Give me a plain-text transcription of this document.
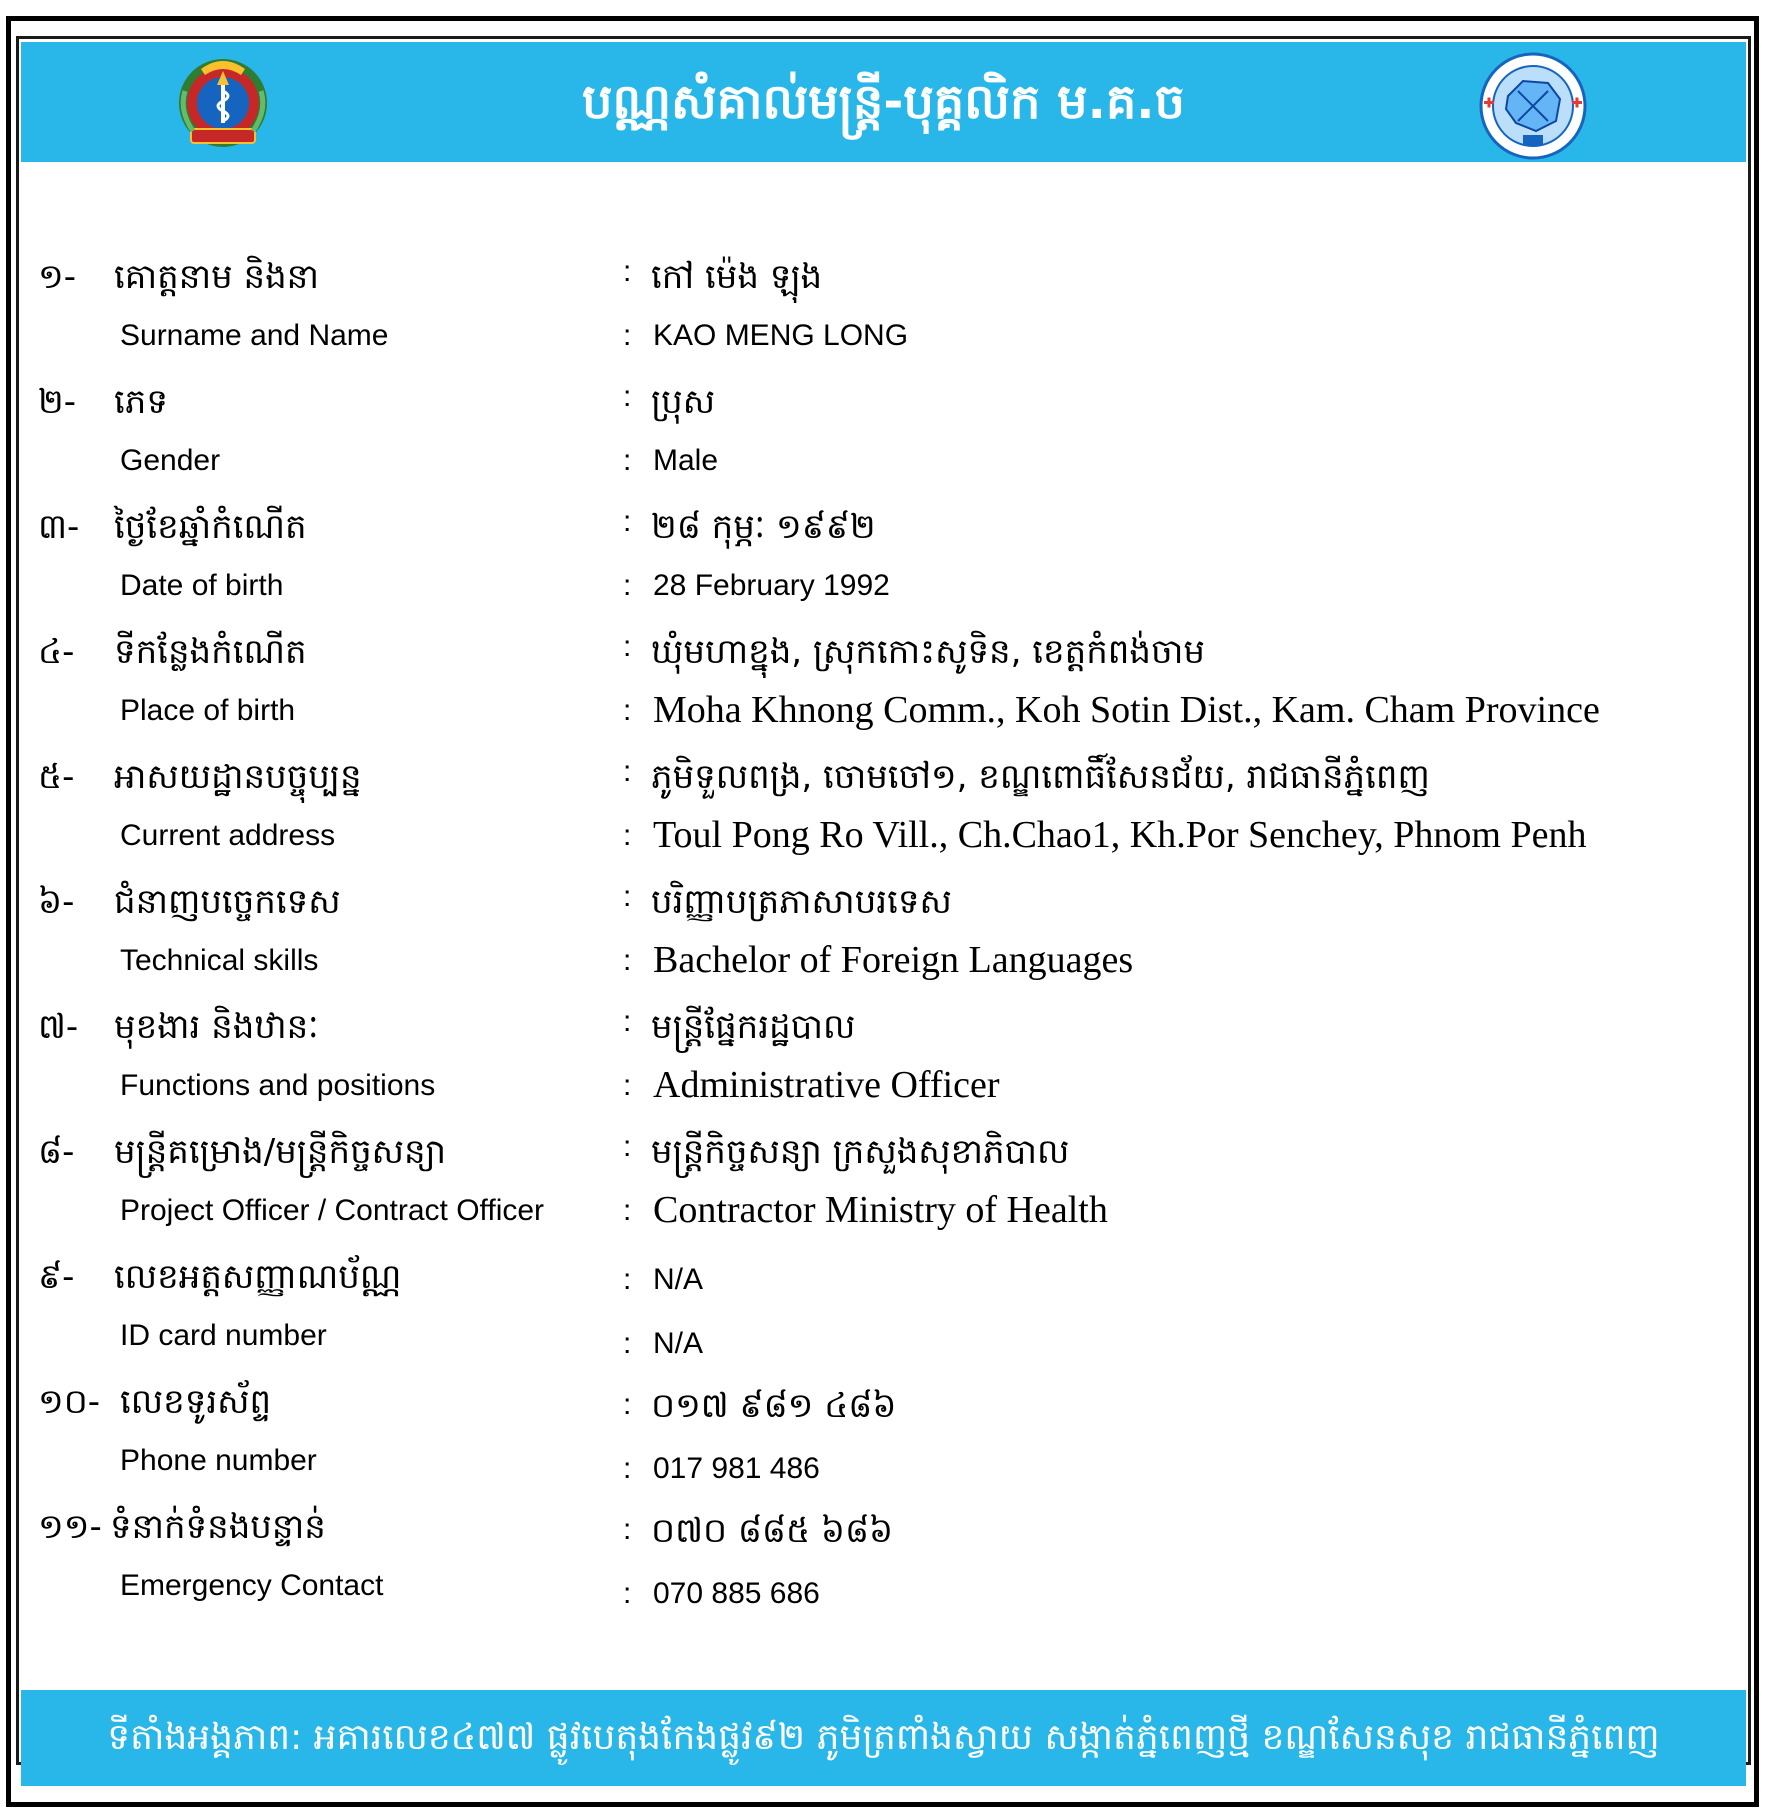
បណ្ណសំគាល់មន្ត្រី-បុគ្គលិក ម.គ.ច
១- គោត្តនាម និងនា	: កៅ ម៉េង ឡុង
Surname and Name	: KAO MENG LONG
២- ភេទ	: ប្រុស
Gender	: Male
៣- ថ្ងៃខែឆ្នាំកំណើត	: ២៨ កុម្ភៈ ១៩៩២
Date of birth	: 28 February 1992
៤- ទីកន្លែងកំណើត	: ឃុំមហាខ្នុង, ស្រុកកោះសូទិន, ខេត្តកំពង់ចាម
Place of birth	: Moha Khnong Comm., Koh Sotin Dist., Kam. Cham Province
៥- អាសយដ្ឋានបច្ចុប្បន្ន	: ភូមិទួលពង្រ, ចោមចៅ១, ខណ្ឌពោធិ៍សែនជ័យ, រាជធានីភ្នំពេញ
Current address	: Toul Pong Ro Vill., Ch.Chao1, Kh.Por Senchey, Phnom Penh
៦- ជំនាញបច្ចេកទេស	: បរិញ្ញាបត្រភាសាបរទេស
Technical skills	: Bachelor of Foreign Languages
៧- មុខងារ និងឋានៈ	: មន្ត្រីផ្នែករដ្ឋបាល
Functions and positions	: Administrative Officer
៨- មន្ត្រីគម្រោង/មន្ត្រីកិច្ចសន្យា	: មន្ត្រីកិច្ចសន្យា ក្រសួងសុខាភិបាល
Project Officer / Contract Officer	: Contractor Ministry of Health
៩- លេខអត្តសញ្ញាណប័ណ្ណ	: N/A
ID card number	: N/A
១០- លេខទូរស័ព្ទ	: ០១៧ ៩៨១ ៤៨៦
Phone number	: 017 981 486
១១- ទំនាក់ទំនងបន្ទាន់	: ០៧០ ៨៨៥ ៦៨៦
Emergency Contact	: 070 885 686
ទីតាំងអង្គភាព: អគារលេខ៤៧៧ ផ្លូវបេតុងកែងផ្លូវ៩២ ភូមិត្រពាំងស្វាយ សង្កាត់ភ្នំពេញថ្មី ខណ្ឌសែនសុខ រាជធានីភ្នំពេញ
